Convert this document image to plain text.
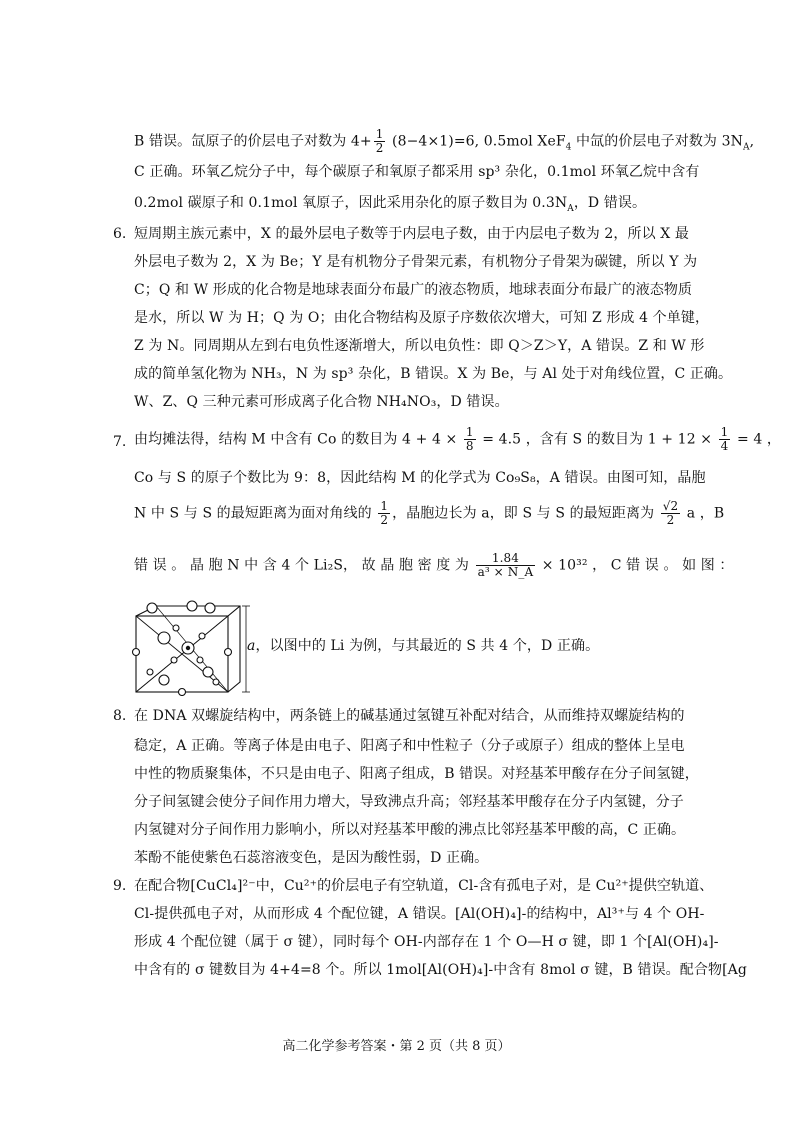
B 错误。氙原子的价层电子对数为 $4+ \frac{1}{2} (8-4\times 1)=6$, 0.5mol XeF$_4$ 中氙的价层电子对数为 $3N_A$,
C 正确。环氧乙烷分子中，每个碳原子和氧原子都采用 sp³ 杂化，0.1mol 环氧乙烷中含有
0.2mol 碳原子和 0.1mol 氧原子，因此采用杂化的原子数目为 $0.3N_A$，D 错误。
6. 短周期主族元素中，X 的最外层电子数等于内层电子数，由于内层电子数为 2，所以 X 最
外层电子数为 2，X 为 Be；Y 是有机物分子骨架元素，有机物分子骨架为碳键，所以 Y 为
C；Q 和 W 形成的化合物是地球表面分布最广的液态物质，地球表面分布最广的液态物质
是水，所以 W 为 H；Q 为 O；由化合物结构及原子序数依次增大，可知 Z 形成 4 个单键，
Z 为 N。同周期从左到右电负性逐渐增大，所以电负性：即 Q＞Z＞Y，A 错误。Z 和 W 形
成的简单氢化物为 NH₃，N 为 sp³ 杂化，B 错误。X 为 Be，与 Al 处于对角线位置，C 正确。
W、Z、Q 三种元素可形成离子化合物 NH₄NO₃，D 错误。
7. 由均摊法得，结构 M 中含有 Co 的数目为 $4 + 4 \times \frac{1}{8} = 4.5$ ，含有 S 的数目为 $1 + 12 \times \frac{1}{4} = 4$ ，
Co 与 S 的原子个数比为 9：8，因此结构 M 的化学式为 Co₉S₈，A 错误。由图可知，晶胞
N 中 S 与 S 的最短距离为面对角线的 $\frac{1}{2}$ ，晶胞边长为 a，即 S 与 S 的最短距离为 $\frac{√2}{2}$ a ，B
错 误 。 晶 胞 N 中 含 4 个 Li₂S， 故 晶 胞 密 度 为 $\frac{1.84}{\text{a³ × N\_A}} \times 10^{32}$ ， C 错 误 。 如 图 ：
a，以图中的 Li 为例，与其最近的 S 共 4 个，D 正确。
8. 在 DNA 双螺旋结构中，两条链上的碱基通过氢键互补配对结合，从而维持双螺旋结构的
稳定，A 正确。等离子体是由电子、阳离子和中性粒子（分子或原子）组成的整体上呈电
中性的物质聚集体，不只是由电子、阳离子组成，B 错误。对羟基苯甲酸存在分子间氢键，
分子间氢键会使分子间作用力增大，导致沸点升高；邻羟基苯甲酸存在分子内氢键，分子
内氢键对分子间作用力影响小，所以对羟基苯甲酸的沸点比邻羟基苯甲酸的高，C 正确。
苯酚不能使紫色石蕊溶液变色，是因为酸性弱，D 正确。
9. 在配合物[CuCl₄]²⁻中，Cu²⁺的价层电子有空轨道，Cl-含有孤电子对，是 Cu²⁺提供空轨道、
Cl-提供孤电子对，从而形成 4 个配位键，A 错误。[Al(OH)₄]-的结构中，Al³⁺与 4 个 OH-
形成 4 个配位键（属于 σ 键），同时每个 OH-内部存在 1 个 O—H σ 键，即 1 个[Al(OH)₄]-
中含有的 σ 键数目为 4+4=8 个。所以 1mol[Al(OH)₄]-中含有 8mol σ 键，B 错误。配合物[Ag
高二化学参考答案・第 2 页（共 8 页）
